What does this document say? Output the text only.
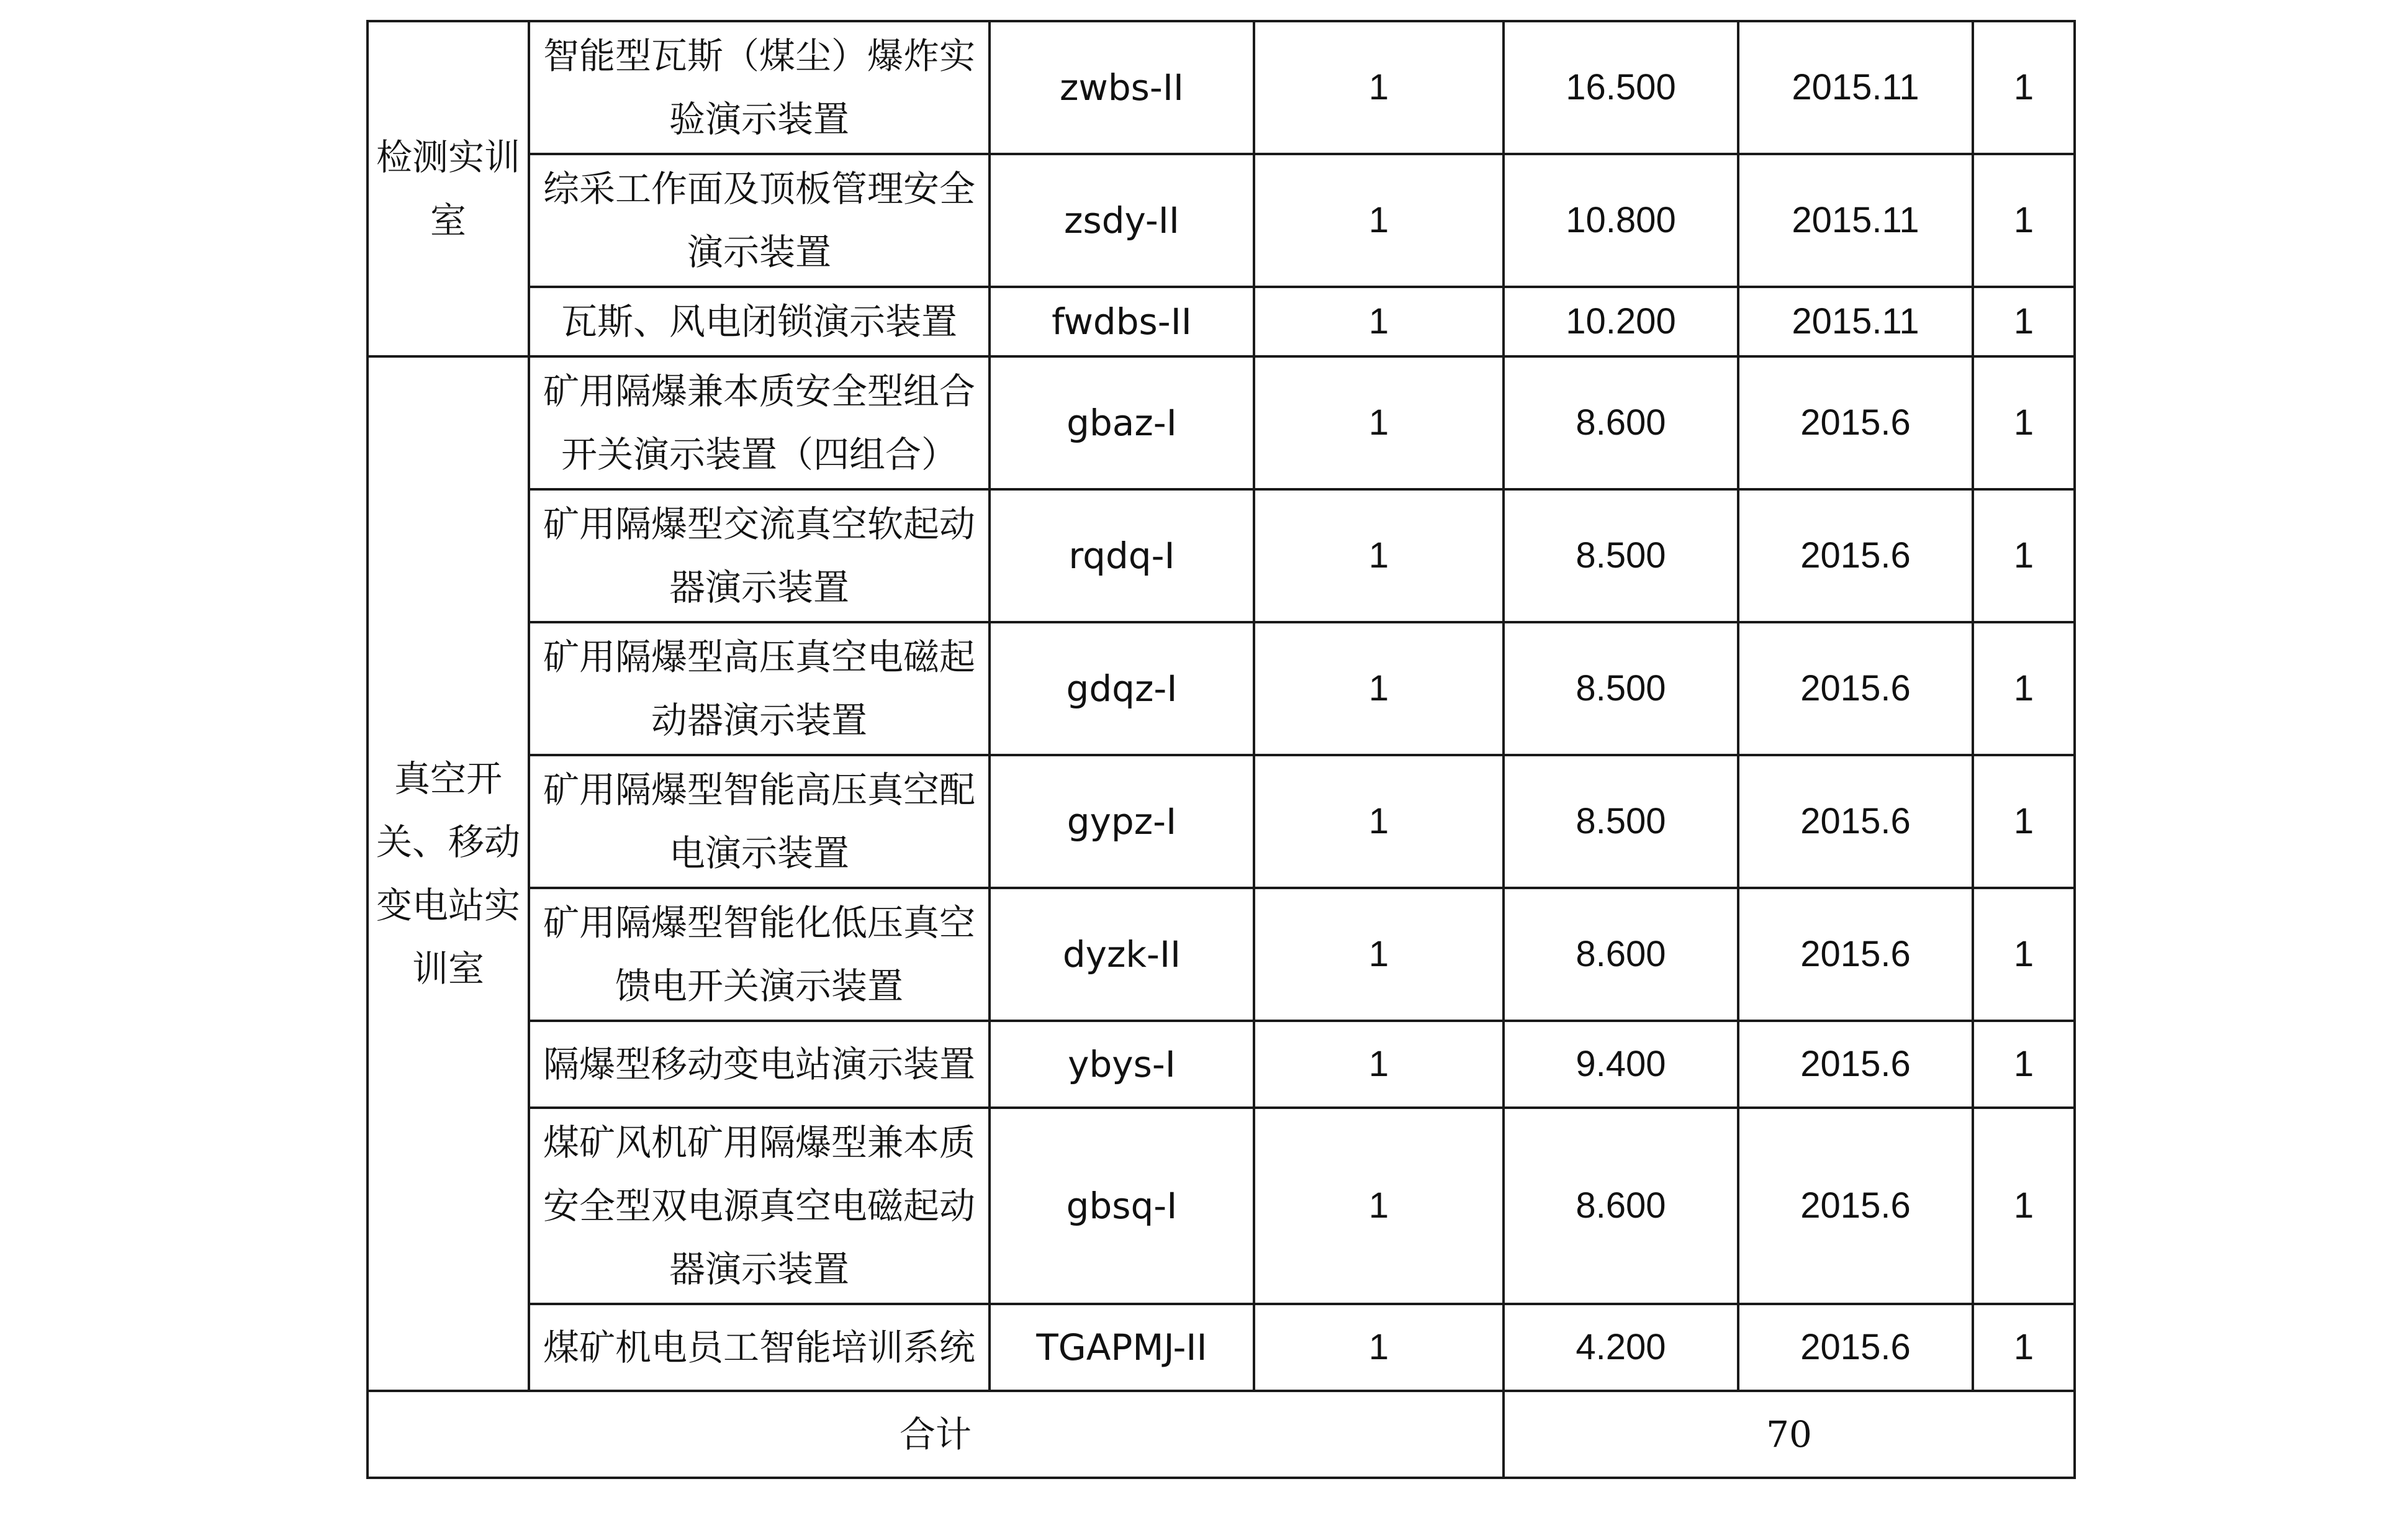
检测实训室	智能型瓦斯（煤尘）爆炸实验演示装置	zwbs-II	1	16.500	2015.11	1
	综采工作面及顶板管理安全演示装置	zsdy-II	1	10.800	2015.11	1
	瓦斯、风电闭锁演示装置	fwdbs-II	1	10.200	2015.11	1
真空开关、移动变电站实训室	矿用隔爆兼本质安全型组合开关演示装置（四组合）	gbaz-I	1	8.600	2015.6	1
	矿用隔爆型交流真空软起动器演示装置	rqdq-I	1	8.500	2015.6	1
	矿用隔爆型高压真空电磁起动器演示装置	gdqz-I	1	8.500	2015.6	1
	矿用隔爆型智能高压真空配电演示装置	gypz-I	1	8.500	2015.6	1
	矿用隔爆型智能化低压真空馈电开关演示装置	dyzk-II	1	8.600	2015.6	1
	隔爆型移动变电站演示装置	ybys-I	1	9.400	2015.6	1
	煤矿风机矿用隔爆型兼本质安全型双电源真空电磁起动器演示装置	gbsq-I	1	8.600	2015.6	1
	煤矿机电员工智能培训系统	TGAPMJ-II	1	4.200	2015.6	1
合计				70		
